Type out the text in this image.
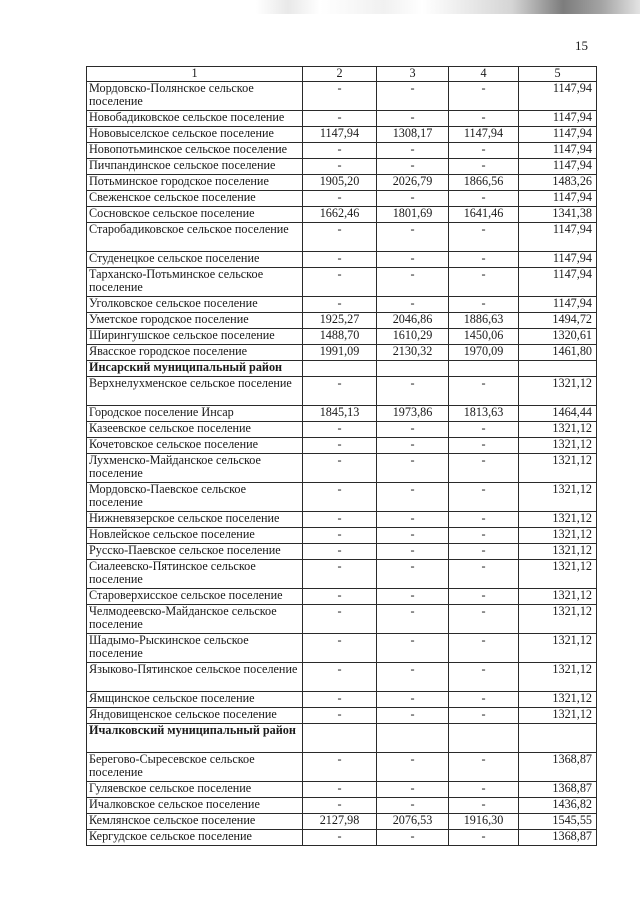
15
1	2	3	4	5
Мордовско-Полянское сельское поселение	-	-	-	1147,94
Новобадиковское сельское поселение	-	-	-	1147,94
Нововыселское сельское поселение	1147,94	1308,17	1147,94	1147,94
Новопотьминское сельское поселение	-	-	-	1147,94
Пичпандинское сельское поселение	-	-	-	1147,94
Потьминское городское поселение	1905,20	2026,79	1866,56	1483,26
Свеженское сельское поселение	-	-	-	1147,94
Сосновское сельское поселение	1662,46	1801,69	1641,46	1341,38
Старобадиковское сельское поселение	-	-	-	1147,94
Студенецкое сельское поселение	-	-	-	1147,94
Тарханско-Потьминское сельское поселение	-	-	-	1147,94
Уголковское сельское поселение	-	-	-	1147,94
Уметское городское поселение	1925,27	2046,86	1886,63	1494,72
Ширингушское сельское поселение	1488,70	1610,29	1450,06	1320,61
Явасское городское поселение	1991,09	2130,32	1970,09	1461,80
Инсарский муниципальный район				
Верхнелухменское сельское поселение	-	-	-	1321,12
Городское поселение Инсар	1845,13	1973,86	1813,63	1464,44
Казеевское сельское поселение	-	-	-	1321,12
Кочетовское сельское поселение	-	-	-	1321,12
Лухменско-Майданское сельское поселение	-	-	-	1321,12
Мордовско-Паевское сельское поселение	-	-	-	1321,12
Нижневязерское сельское поселение	-	-	-	1321,12
Новлейское сельское поселение	-	-	-	1321,12
Русско-Паевское сельское поселение	-	-	-	1321,12
Сиалеевско-Пятинское сельское поселение	-	-	-	1321,12
Староверхисское сельское поселение	-	-	-	1321,12
Челмодеевско-Майданское сельское поселение	-	-	-	1321,12
Шадымо-Рыскинское сельское поселение	-	-	-	1321,12
Языково-Пятинское сельское поселение	-	-	-	1321,12
Ямщинское сельское поселение	-	-	-	1321,12
Яндовищенское сельское поселение	-	-	-	1321,12
Ичалковский муниципальный район				
Берегово-Сыресевское сельское поселение	-	-	-	1368,87
Гуляевское сельское поселение	-	-	-	1368,87
Ичалковское сельское поселение	-	-	-	1436,82
Кемлянское сельское поселение	2127,98	2076,53	1916,30	1545,55
Кергудское сельское поселение	-	-	-	1368,87
